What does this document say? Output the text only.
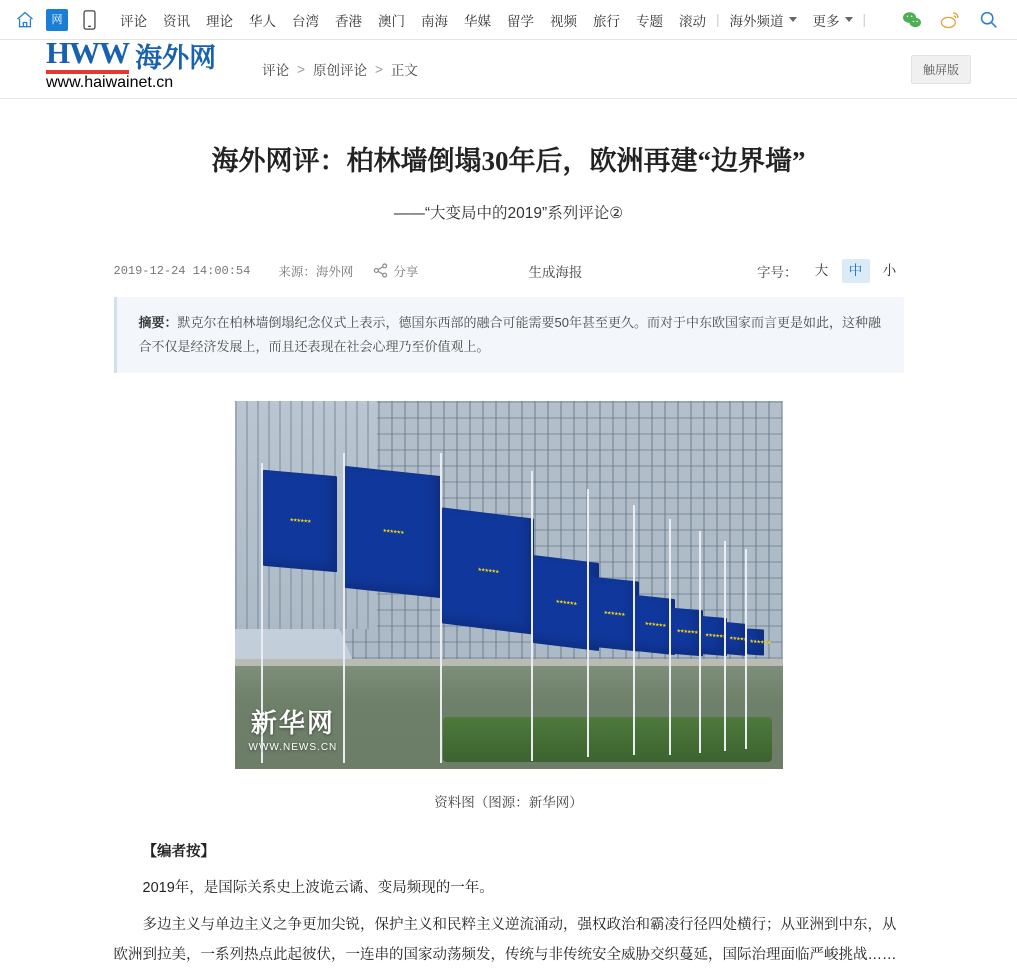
网	评论	资讯	理论	华人	台湾	香港	澳门	南海	华媒	留学	视频	旅行	专题	滚动 | 海外频道 更多 |
HWW 海外网
www.haiwainet.cn
评论 > 原创评论 > 正文	触屏版
海外网评：柏林墙倒塌30年后，欧洲再建“边界墙”
——“大变局中的2019”系列评论②
2019-12-24 14:00:54 来源：海外网	分享	生成海报	字号：	大	中	小
摘要：默克尔在柏林墙倒塌纪念仪式上表示，德国东西部的融合可能需要50年甚至更久。而对于中东欧国家而言更是如此，这种融合不仅是经济发展上，而且还表现在社会心理乃至价值观上。
★★★★★★
★★★★★★
★★★★★★
★★★★★★
★★★★★★
★★★★★★
★★★★★★
★★★★★★
★★★★★★
★★★★★★
新华网
WWW.NEWS.CN
资料图（图源：新华网）

【编者按】

2019年，是国际关系史上波诡云谲、变局频现的一年。

多边主义与单边主义之争更加尖锐，保护主义和民粹主义逆流涌动，强权政治和霸凌行径四处横行；从亚洲到中东，从欧洲到拉美，一系列热点此起彼伏，一连串的国家动荡频发，传统与非传统安全威胁交织蔓延，国际治理面临严峻挑战……
